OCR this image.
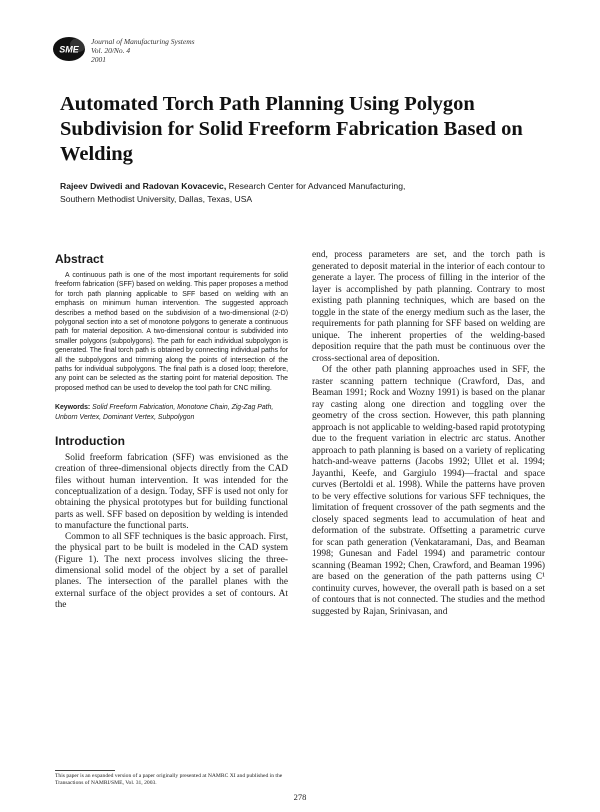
SME
Journal of Manufacturing Systems
Vol. 20/No. 4
2001
Automated Torch Path Planning Using Polygon Subdivision for Solid Freeform Fabrication Based on Welding
Rajeev Dwivedi and Radovan Kovacevic, Research Center for Advanced Manufacturing,
Southern Methodist University, Dallas, Texas, USA
Abstract

A continuous path is one of the most important requirements for solid freeform fabrication (SFF) based on welding. This paper proposes a method for torch path planning applicable to SFF based on welding with an emphasis on minimum human intervention. The suggested approach describes a method based on the subdivision of a two-dimensional (2-D) polygonal section into a set of monotone polygons to generate a continuous path for material deposition. A two-dimensional contour is subdivided into smaller polygons (subpolygons). The path for each individual subpolygon is generated. The final torch path is obtained by connecting individual paths for all the subpolygons and trimming along the points of intersection of the paths for individual subpolygons. The final path is a closed loop; therefore, any point can be selected as the starting point for material deposition. The proposed method can be used to develop the tool path for CNC milling.

Keywords: Solid Freeform Fabrication, Monotone Chain, Zig-Zag Path, Unborn Vertex, Dominant Vertex, Subpolygon
Introduction

Solid freeform fabrication (SFF) was envisioned as the creation of three-dimensional objects directly from the CAD files without human intervention. It was intended for the conceptualization of a design. Today, SFF is used not only for obtaining the physical prototypes but for building functional parts as well. SFF based on deposition by welding is intended to manufacture the functional parts.

Common to all SFF techniques is the basic approach. First, the physical part to be built is modeled in the CAD system (Figure 1). The next process involves slicing the three-dimensional solid model of the object by a set of parallel planes. The intersection of the parallel planes with the external surface of the object provides a set of contours. At the

end, process parameters are set, and the torch path is generated to deposit material in the interior of each contour to generate a layer. The process of filling in the interior of the layer is accomplished by path planning. Contrary to most existing path planning techniques, which are based on the toggle in the state of the energy medium such as the laser, the requirements for path planning for SFF based on welding are unique. The inherent properties of the welding-based deposition require that the path must be continuous over the cross-sectional area of deposition.

Of the other path planning approaches used in SFF, the raster scanning pattern technique (Crawford, Das, and Beaman 1991; Rock and Wozny 1991) is based on the planar ray casting along one direction and toggling over the geometry of the cross section. However, this path planning approach is not applicable to welding-based rapid prototyping due to the frequent variation in electric arc status. Another approach to path planning is based on a variety of replicating hatch-and-weave patterns (Jacobs 1992; Ullet et al. 1994; Jayanthi, Keefe, and Gargiulo 1994)—fractal and space curves (Bertoldi et al. 1998). While the patterns have proven to be very effective solutions for various SFF techniques, the limitation of frequent crossover of the path segments and the closely spaced segments lead to accumulation of heat and deformation of the substrate. Offsetting a parametric curve for scan path generation (Venkataramani, Das, and Beaman 1998; Gunesan and Fadel 1994) and parametric contour scanning (Beaman 1992; Chen, Crawford, and Beaman 1996) are based on the generation of the path patterns using C¹ continuity curves, however, the overall path is based on a set of contours that is not connected. The studies and the method suggested by Rajan, Srinivasan, and

This paper is an expanded version of a paper originally presented at NAMRC XI and published in the Transactions of NAMRI/SME, Vol. 31, 2003.
278
